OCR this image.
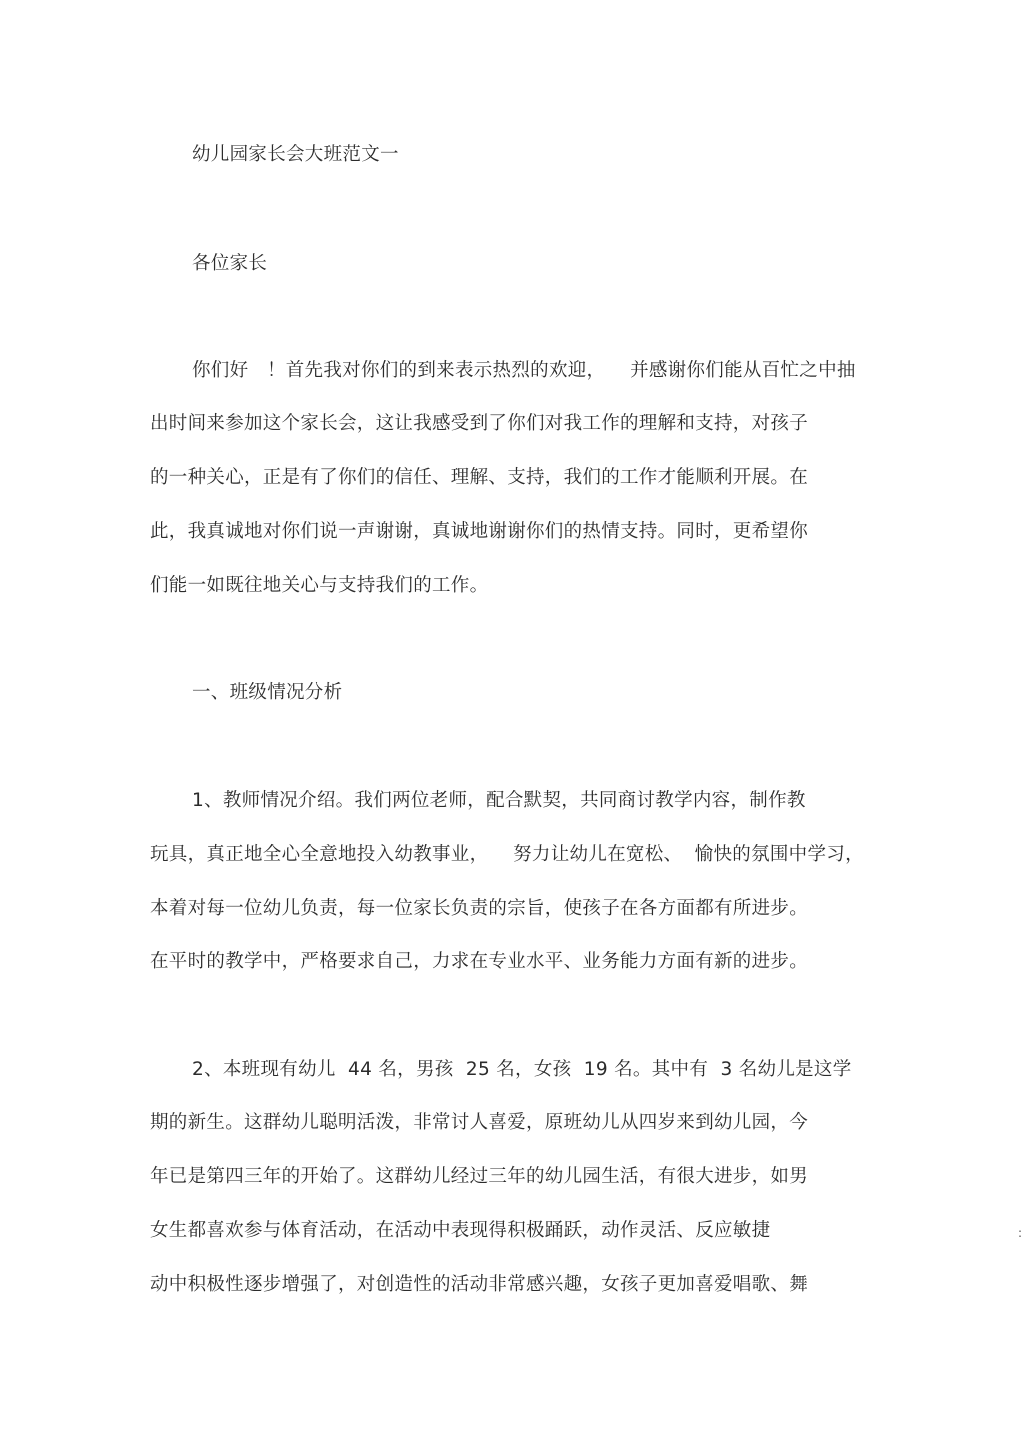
幼儿园家长会大班范文一
各位家长
你们好   ！首先我对你们的到来表示热烈的欢迎，    并感谢你们能从百忙之中抽
出时间来参加这个家长会，这让我感受到了你们对我工作的理解和支持，对孩子
的一种关心，正是有了你们的信任、理解、支持，我们的工作才能顺利开展。在
此，我真诚地对你们说一声谢谢，真诚地谢谢你们的热情支持。同时，更希望你
们能一如既往地关心与支持我们的工作。
一、班级情况分析
1、教师情况介绍。我们两位老师，配合默契，共同商讨教学内容，制作教
玩具，真正地全心全意地投入幼教事业，    努力让幼儿在宽松、  愉快的氛围中学习，
本着对每一位幼儿负责，每一位家长负责的宗旨，使孩子在各方面都有所进步。
在平时的教学中，严格要求自己，力求在专业水平、业务能力方面有新的进步。
2、本班现有幼儿  44 名，男孩  25 名，女孩  19 名。其中有  3 名幼儿是这学
期的新生。这群幼儿聪明活泼，非常讨人喜爱，原班幼儿从四岁来到幼儿园，今
年已是第四三年的开始了。这群幼儿经过三年的幼儿园生活，有很大进步，如男
女生都喜欢参与体育活动，在活动中表现得积极踊跃，动作灵活、反应敏捷
动中积极性逐步增强了，对创造性的活动非常感兴趣，女孩子更加喜爱唱歌、舞
:
